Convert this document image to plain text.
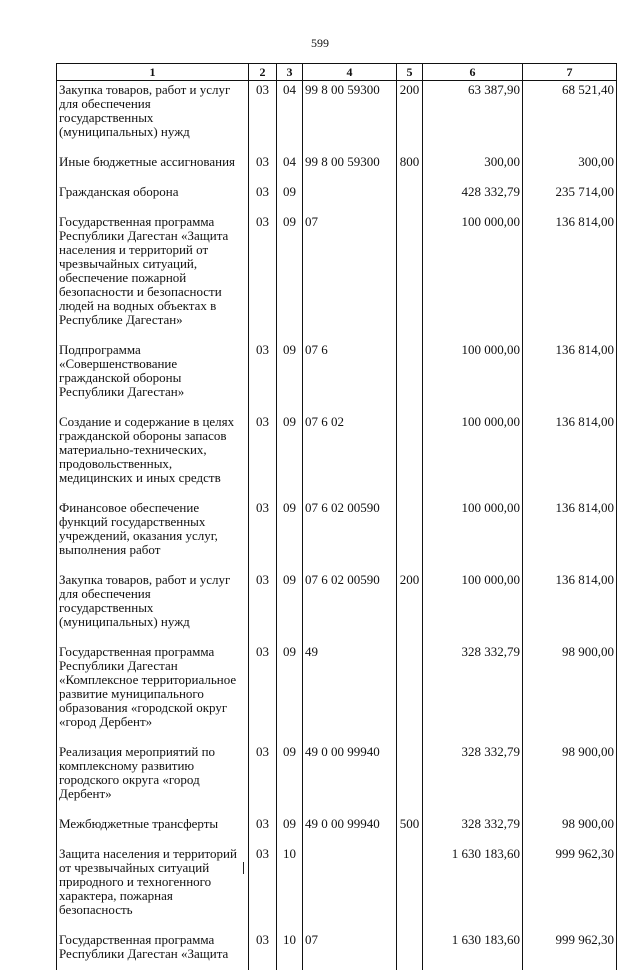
599
1	2	3	4	5	6	7
Закупка товаров, работ и услуг для обеспечения государственных (муниципальных) нужд	03	04	99 8 00 59300	200	63 387,90	68 521,40
Иные бюджетные ассигнования	03	04	99 8 00 59300	800	300,00	300,00
Гражданская оборона	03	09			428 332,79	235 714,00
Государственная программа Республики Дагестан «Защита населения и территорий от чрезвычайных ситуаций, обеспечение пожарной безопасности и безопасности людей на водных объектах в Республике Дагестан»	03	09	07		100 000,00	136 814,00
Подпрограмма «Совершенствование гражданской обороны Республики Дагестан»	03	09	07 6		100 000,00	136 814,00
Создание и содержание в целях гражданской обороны запасов материально-технических, продовольственных, медицинских и иных средств	03	09	07 6 02		100 000,00	136 814,00
Финансовое обеспечение функций государственных учреждений, оказания услуг, выполнения работ	03	09	07 6 02 00590		100 000,00	136 814,00
Закупка товаров, работ и услуг для обеспечения государственных (муниципальных) нужд	03	09	07 6 02 00590	200	100 000,00	136 814,00
Государственная программа Республики Дагестан «Комплексное территориальное развитие муниципального образования «городской округ «город Дербент»	03	09	49		328 332,79	98 900,00
Реализация мероприятий по комплексному развитию городского округа «город Дербент»	03	09	49 0 00 99940		328 332,79	98 900,00
Межбюджетные трансферты	03	09	49 0 00 99940	500	328 332,79	98 900,00
Защита населения и территорий от чрезвычайных ситуаций природного и техногенного характера, пожарная безопасность	03	10			1 630 183,60	999 962,30
Государственная программа Республики Дагестан «Защита	03	10	07		1 630 183,60	999 962,30
